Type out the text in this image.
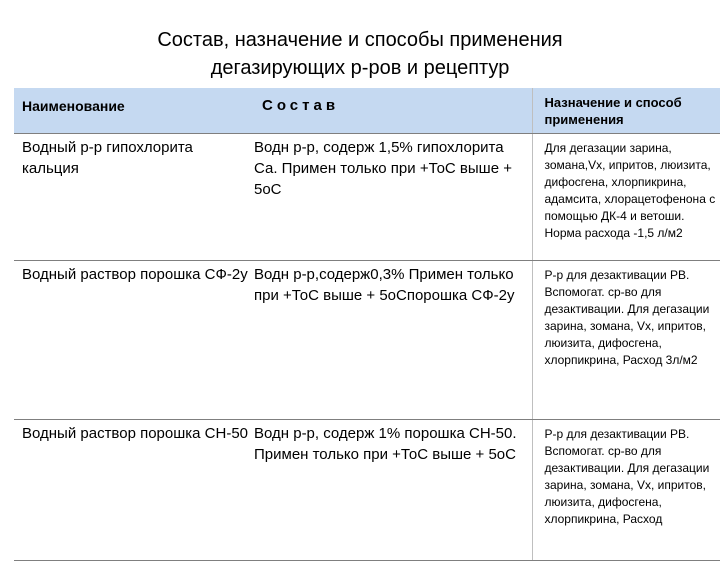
Состав, назначение и способы применения
дегазирующих р-ров и рецептур
Наименование	Состав	Назначение и способ применения

Водный р-р гипохлорита кальция	Водн р-р, содерж 1,5% гипохлорита Са. Примен только при +ТоС выше + 5оС	Для дегазации зарина, зомана,Vx, ипритов, люизита, дифосгена, хлорпикрина, адамсита, хлорацетофенона с помощью ДК-4 и ветоши. Норма расхода -1,5 л/м2

Водный раствор порошка СФ-2у	Водн р-р,содерж0,3% Примен только при +ТоС выше + 5оСпорошка СФ-2у	Р-р для дезактивации РВ. Вспомогат. ср-во для дезактивации. Для дегазации зарина, зомана, Vx, ипритов, люизита, дифосгена, хлорпикрина, Расход 3л/м2

Водный раствор порошка СН-50	Водн р-р, содерж 1% порошка СН-50. Примен только при +ТоС выше + 5оС	Р-р для дезактивации РВ. Вспомогат. ср-во для дезактивации. Для дегазации зарина, зомана, Vx, ипритов, люизита, дифосгена, хлорпикрина, Расход
